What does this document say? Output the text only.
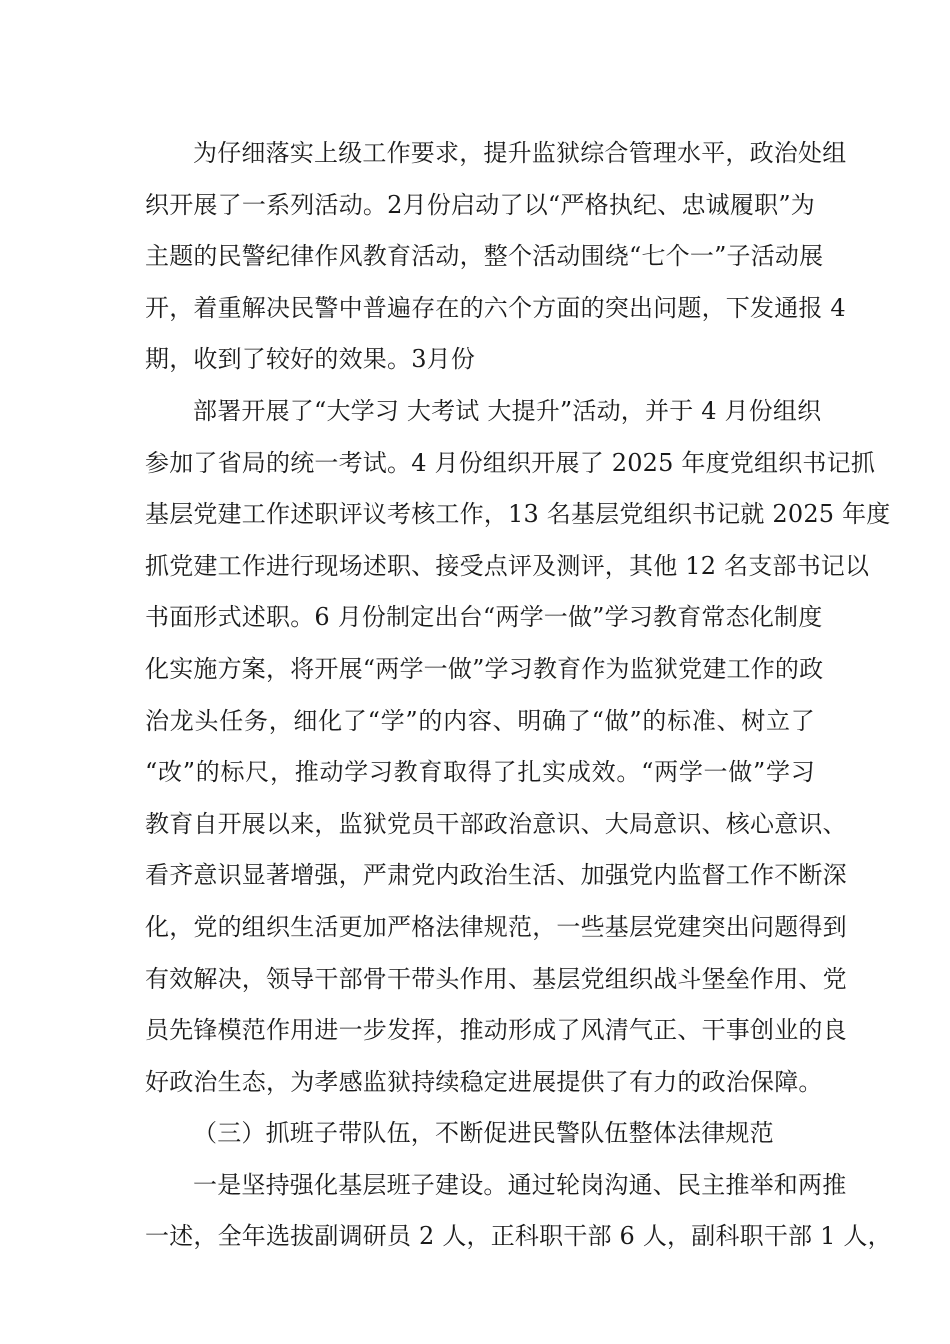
为仔细落实上级工作要求，提升监狱综合管理水平，政治处组
织开展了一系列活动。2月份启动了以“严格执纪、忠诚履职”为
主题的民警纪律作风教育活动，整个活动围绕“七个一”子活动展
开，着重解决民警中普遍存在的六个方面的突出问题，下发通报 4
期，收到了较好的效果。3月份
部署开展了“大学习 大考试 大提升”活动，并于 4 月份组织
参加了省局的统一考试。4 月份组织开展了 2025 年度党组织书记抓
基层党建工作述职评议考核工作，13 名基层党组织书记就 2025 年度
抓党建工作进行现场述职、接受点评及测评，其他 12 名支部书记以
书面形式述职。6 月份制定出台“两学一做”学习教育常态化制度
化实施方案，将开展“两学一做”学习教育作为监狱党建工作的政
治龙头任务，细化了“学”的内容、明确了“做”的标准、树立了
“改”的标尺，推动学习教育取得了扎实成效。“两学一做”学习
教育自开展以来，监狱党员干部政治意识、大局意识、核心意识、
看齐意识显著增强，严肃党内政治生活、加强党内监督工作不断深
化，党的组织生活更加严格法律规范，一些基层党建突出问题得到
有效解决，领导干部骨干带头作用、基层党组织战斗堡垒作用、党
员先锋模范作用进一步发挥，推动形成了风清气正、干事创业的良
好政治生态，为孝感监狱持续稳定进展提供了有力的政治保障。
（三）抓班子带队伍，不断促进民警队伍整体法律规范
一是坚持强化基层班子建设。通过轮岗沟通、民主推举和两推
一述，全年选拔副调研员 2 人，正科职干部 6 人，副科职干部 1 人，
